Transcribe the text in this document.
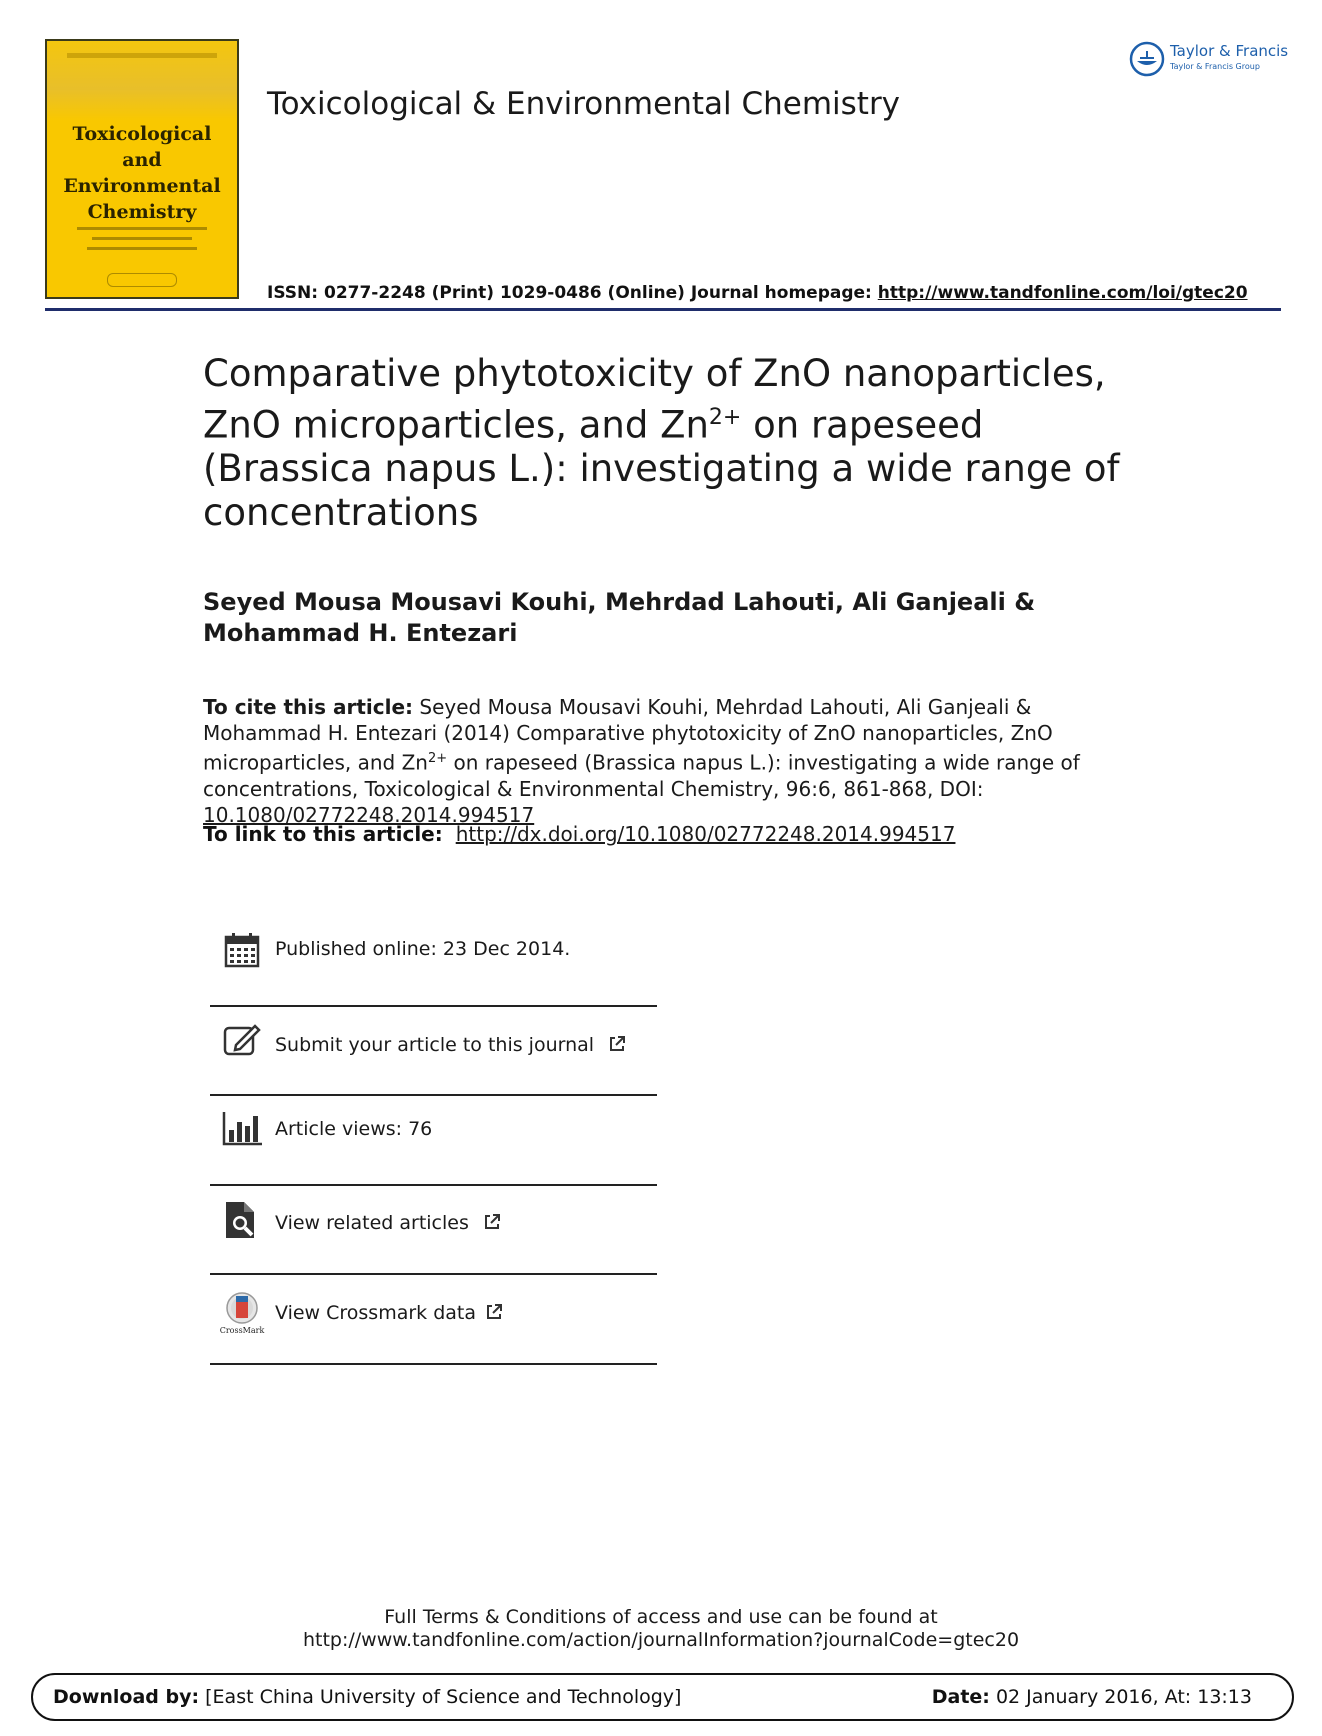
Toxicological and Environmental Chemistry
Toxicological & Environmental Chemistry
Taylor & Francis
Taylor & Francis Group
ISSN: 0277-2248 (Print) 1029-0486 (Online) Journal homepage: http://www.tandfonline.com/loi/gtec20
Comparative phytotoxicity of ZnO nanoparticles, ZnO microparticles, and $Zn^{2+}$ on rapeseed (Brassica napus L.): investigating a wide range of concentrations
Seyed Mousa Mousavi Kouhi, Mehrdad Lahouti, Ali Ganjeali & Mohammad H. Entezari
To cite this article: Seyed Mousa Mousavi Kouhi, Mehrdad Lahouti, Ali Ganjeali & Mohammad H. Entezari (2014) Comparative phytotoxicity of ZnO nanoparticles, ZnO microparticles, and $Zn^{2+}$ on rapeseed (Brassica napus L.): investigating a wide range of concentrations, Toxicological & Environmental Chemistry, 96:6, 861-868, DOI: 10.1080/02772248.2014.994517
To link to this article: http://dx.doi.org/10.1080/02772248.2014.994517
Published online: 23 Dec 2014.
Submit your article to this journal
Article views: 76
View related articles
CrossMark
View Crossmark data
Full Terms & Conditions of access and use can be found at
http://www.tandfonline.com/action/journalInformation?journalCode=gtec20
Download by: [East China University of Science and Technology]	Date: 02 January 2016, At: 13:13
